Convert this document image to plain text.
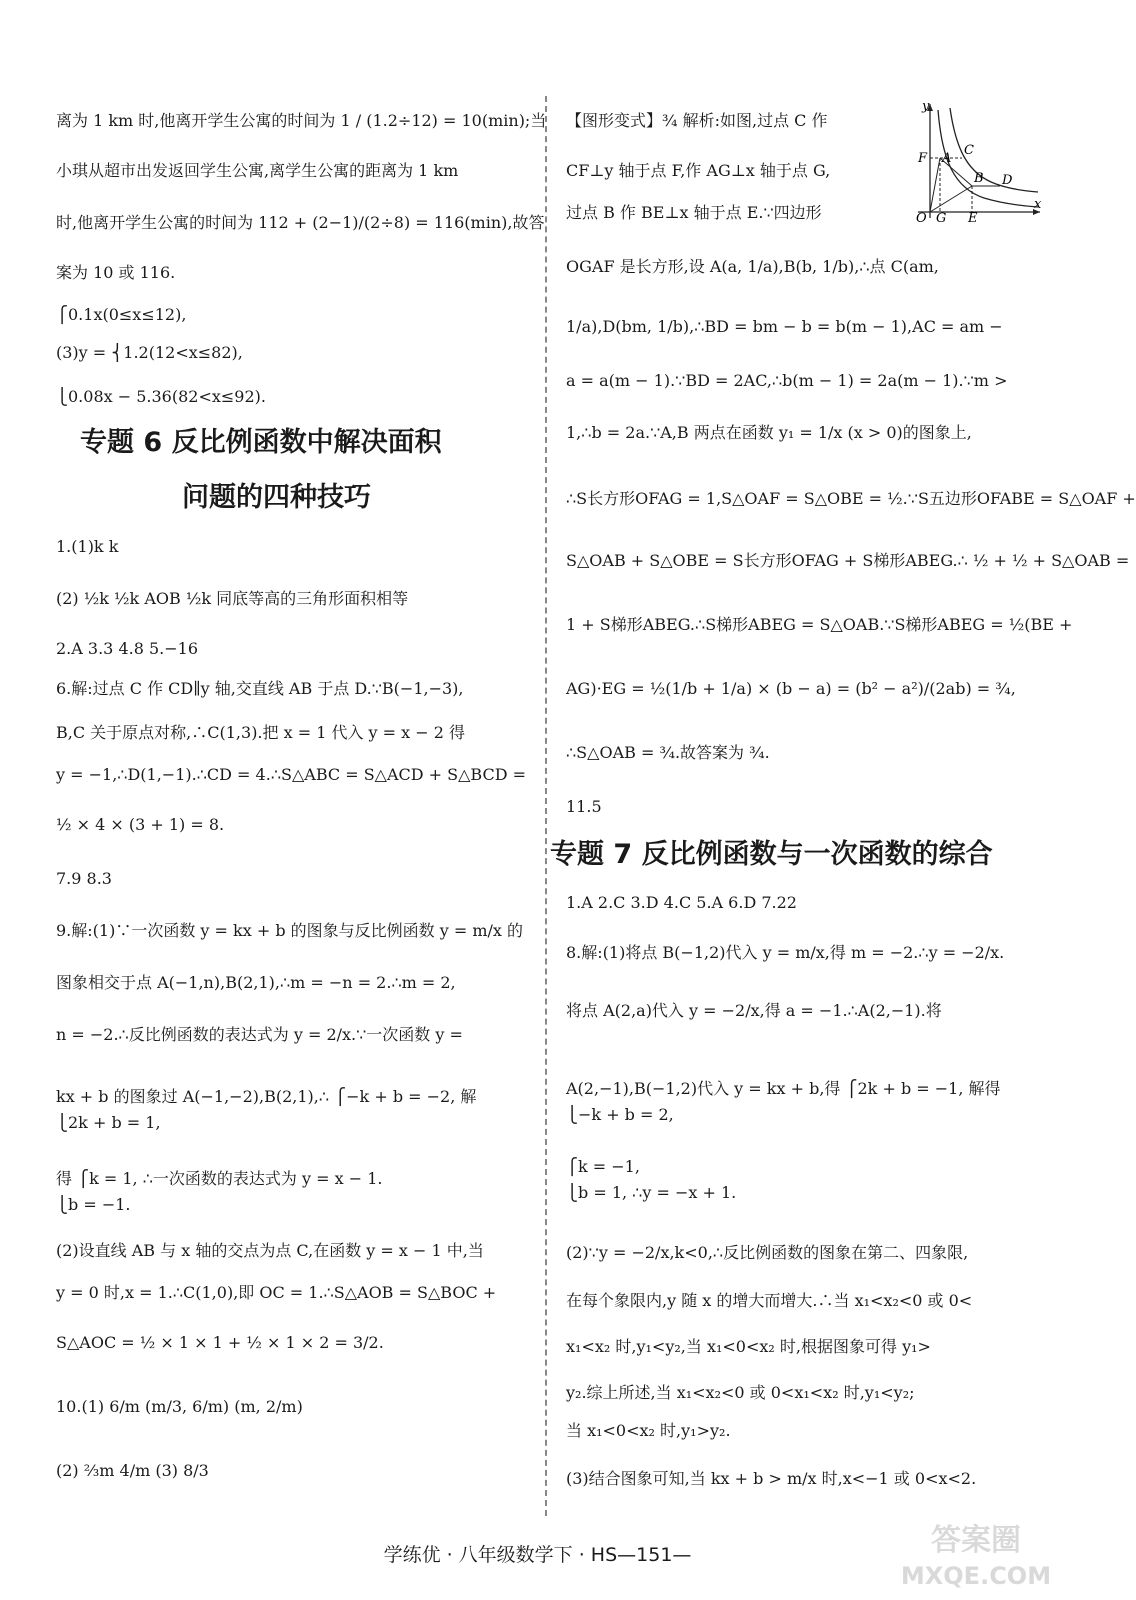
离为 1 km 时,他离开学生公寓的时间为 1 / (1.2÷12) = 10(min);当
小琪从超市出发返回学生公寓,离学生公寓的距离为 1 km
时,他离开学生公寓的时间为 112 + (2−1)/(2÷8) = 116(min),故答
案为 10 或 116.
⎧0.1x(0≤x≤12),
(3)y = ⎨1.2(12<x≤82),
⎩0.08x − 5.36(82<x≤92).
专题 6 反比例函数中解决面积
问题的四种技巧
1.(1)k k
(2) ½k ½k AOB ½k 同底等高的三角形面积相等
2.A 3.3 4.8 5.−16
6.解:过点 C 作 CD∥y 轴,交直线 AB 于点 D.∵B(−1,−3),
B,C 关于原点对称,∴C(1,3).把 x = 1 代入 y = x − 2 得
y = −1,∴D(1,−1).∴CD = 4.∴S△ABC = S△ACD + S△BCD =
½ × 4 × (3 + 1) = 8.
7.9 8.3
9.解:(1)∵一次函数 y = kx + b 的图象与反比例函数 y = m/x 的
图象相交于点 A(−1,n),B(2,1),∴m = −n = 2.∴m = 2,
n = −2.∴反比例函数的表达式为 y = 2/x.∵一次函数 y =
kx + b 的图象过 A(−1,−2),B(2,1),∴ ⎧−k + b = −2, 解
⎩2k + b = 1,
得 ⎧k = 1, ∴一次函数的表达式为 y = x − 1.
⎩b = −1.
(2)设直线 AB 与 x 轴的交点为点 C,在函数 y = x − 1 中,当
y = 0 时,x = 1.∴C(1,0),即 OC = 1.∴S△AOB = S△BOC +
S△AOC = ½ × 1 × 1 + ½ × 1 × 2 = 3/2.
10.(1) 6/m (m/3, 6/m) (m, 2/m)
(2) ⅔m 4/m (3) 8/3
【图形变式】¾ 解析:如图,过点 C 作
CF⊥y 轴于点 F,作 AG⊥x 轴于点 G,
过点 B 作 BE⊥x 轴于点 E.∵四边形
OGAF 是长方形,设 A(a, 1/a),B(b, 1/b),∴点 C(am,
1/a),D(bm, 1/b),∴BD = bm − b = b(m − 1),AC = am −
a = a(m − 1).∵BD = 2AC,∴b(m − 1) = 2a(m − 1).∵m >
1,∴b = 2a.∵A,B 两点在函数 y₁ = 1/x (x > 0)的图象上,
∴S长方形OFAG = 1,S△OAF = S△OBE = ½.∵S五边形OFABE = S△OAF +
S△OAB + S△OBE = S长方形OFAG + S梯形ABEG.∴ ½ + ½ + S△OAB =
1 + S梯形ABEG.∴S梯形ABEG = S△OAB.∵S梯形ABEG = ½(BE +
AG)·EG = ½(1/b + 1/a) × (b − a) = (b² − a²)/(2ab) = ¾,
∴S△OAB = ¾.故答案为 ¾.
11.5
专题 7 反比例函数与一次函数的综合
1.A 2.C 3.D 4.C 5.A 6.D 7.22
8.解:(1)将点 B(−1,2)代入 y = m/x,得 m = −2.∴y = −2/x.
将点 A(2,a)代入 y = −2/x,得 a = −1.∴A(2,−1).将
A(2,−1),B(−1,2)代入 y = kx + b,得 ⎧2k + b = −1, 解得
⎩−k + b = 2,
⎧k = −1,
⎩b = 1, ∴y = −x + 1.
(2)∵y = −2/x,k<0,∴反比例函数的图象在第二、四象限,
在每个象限内,y 随 x 的增大而增大.∴当 x₁<x₂<0 或 0<
x₁<x₂ 时,y₁<y₂,当 x₁<0<x₂ 时,根据图象可得 y₁>
y₂.综上所述,当 x₁<x₂<0 或 0<x₁<x₂ 时,y₁<y₂;
当 x₁<0<x₂ 时,y₁>y₂.
(3)结合图象可知,当 kx + b > m/x 时,x<−1 或 0<x<2.
y
x
O G E
F A
C
B D
学练优 · 八年级数学下 · HS—151—	答案圈
MXQE.COM
